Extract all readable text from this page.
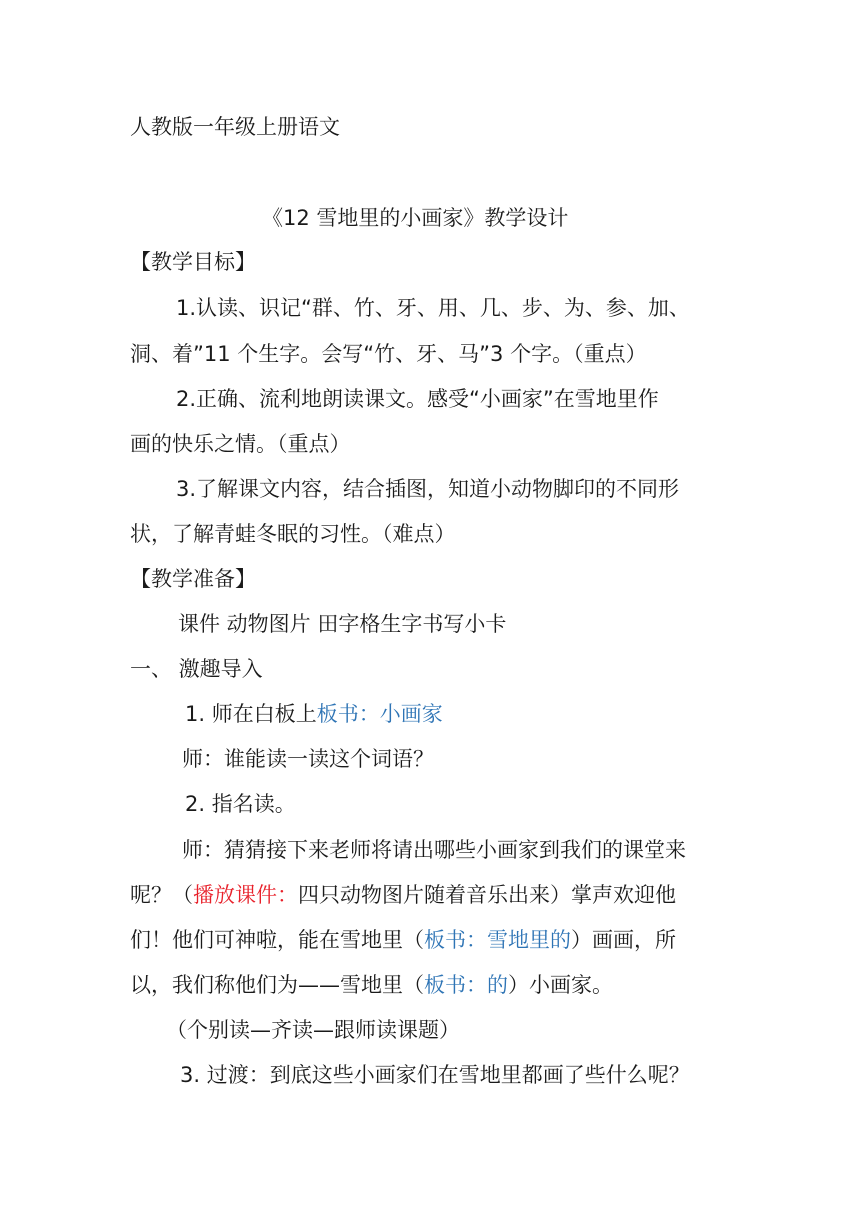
人教版一年级上册语文
《12 雪地里的小画家》教学设计
【教学目标】
1.认读、识记“群、竹、牙、用、几、步、为、参、加、
洞、着”11 个生字。会写“竹、牙、马”3 个字。（重点）
2.正确、流利地朗读课文。感受“小画家”在雪地里作
画的快乐之情。（重点）
3.了解课文内容，结合插图，知道小动物脚印的不同形
状，了解青蛙冬眠的习性。（难点）
【教学准备】
课件 动物图片 田字格生字书写小卡
一、 激趣导入
1. 师在白板上板书：小画家
师：谁能读一读这个词语？
2. 指名读。
师：猜猜接下来老师将请出哪些小画家到我们的课堂来
呢？（播放课件：四只动物图片随着音乐出来）掌声欢迎他
们！他们可神啦，能在雪地里（板书：雪地里的）画画，所
以，我们称他们为——雪地里（板书：的）小画家。
（个别读—齐读—跟师读课题）
3. 过渡：到底这些小画家们在雪地里都画了些什么呢？
